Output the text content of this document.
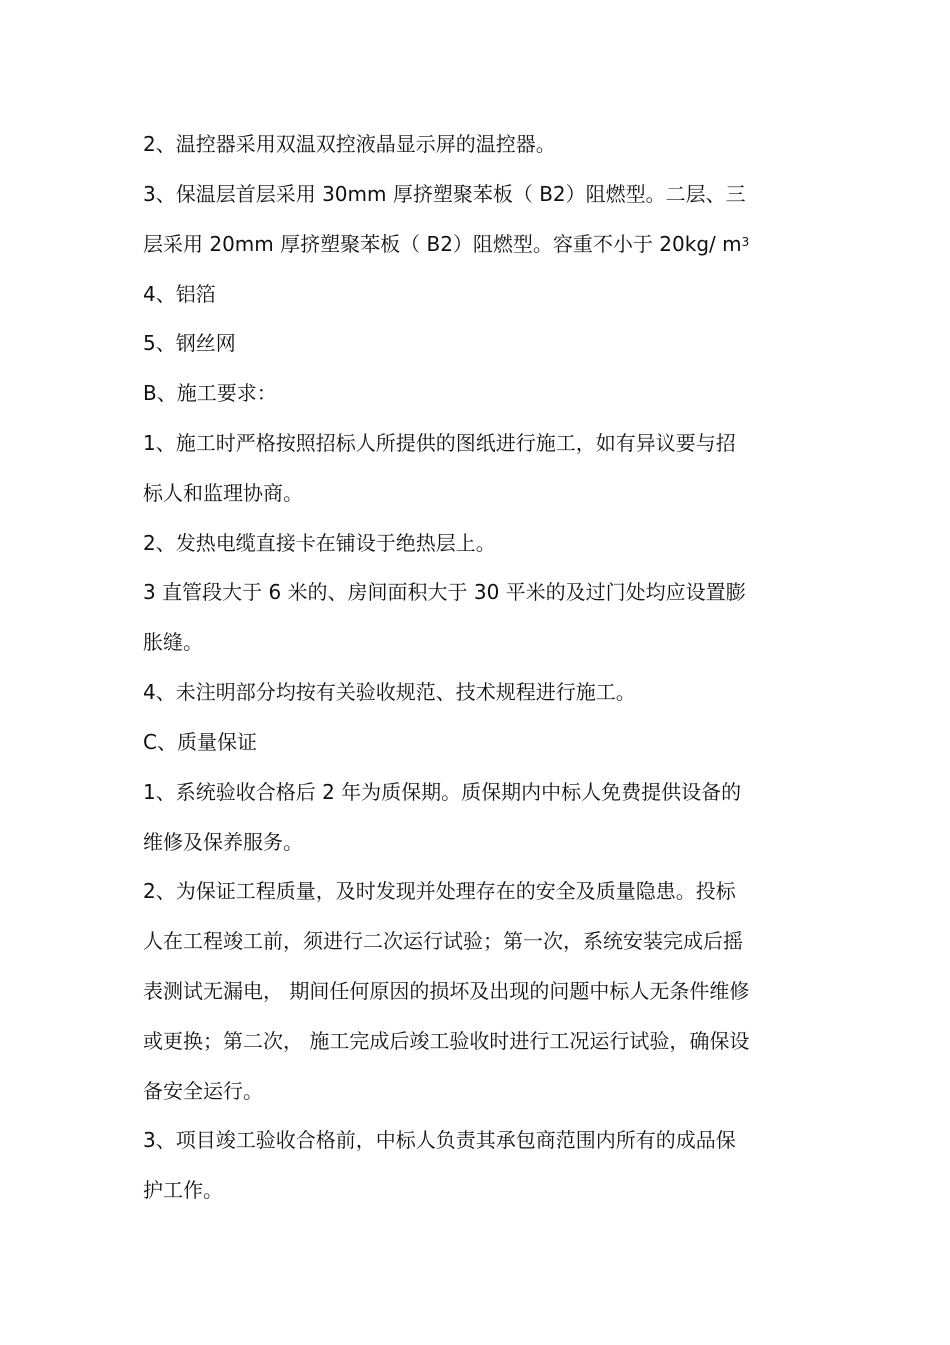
2、温控器采用双温双控液晶显示屏的温控器。
3、保温层首层采用 30mm 厚挤塑聚苯板（ B2）阻燃型。二层、三
层采用 20mm 厚挤塑聚苯板（ B2）阻燃型。容重不小于 20kg/ $m^3$
4、铝箔
5、钢丝网
B、施工要求：
1、施工时严格按照招标人所提供的图纸进行施工，如有异议要与招
标人和监理协商。
2、发热电缆直接卡在铺设于绝热层上。
3 直管段大于 6 米的、房间面积大于 30 平米的及过门处均应设置膨
胀缝。
4、未注明部分均按有关验收规范、技术规程进行施工。
C、质量保证
1、系统验收合格后 2 年为质保期。质保期内中标人免费提供设备的
维修及保养服务。
2、为保证工程质量，及时发现并处理存在的安全及质量隐患。投标
人在工程竣工前，须进行二次运行试验；第一次，系统安装完成后摇
表测试无漏电， 期间任何原因的损坏及出现的问题中标人无条件维修
或更换；第二次， 施工完成后竣工验收时进行工况运行试验，确保设
备安全运行。
3、项目竣工验收合格前，中标人负责其承包商范围内所有的成品保
护工作。
